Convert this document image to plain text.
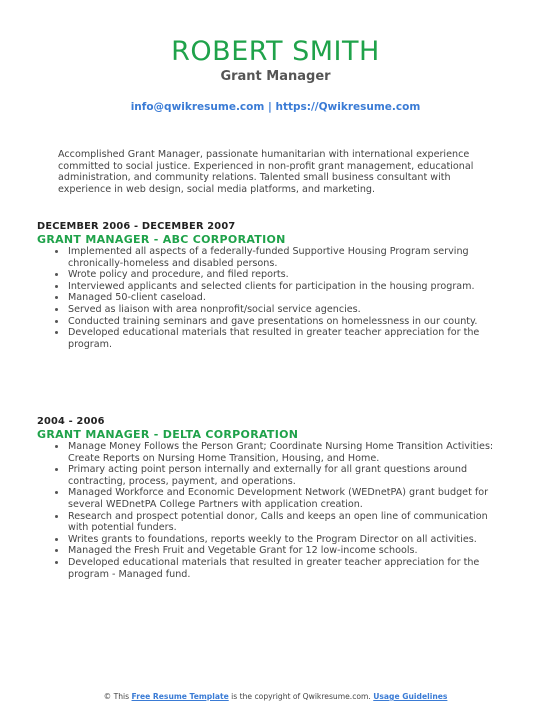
ROBERT SMITH
Grant Manager
info@qwikresume.com | https://Qwikresume.com
Accomplished Grant Manager, passionate humanitarian with international experience committed to social justice. Experienced in non-profit grant management, educational administration, and community relations. Talented small business consultant with experience in web design, social media platforms, and marketing.
DECEMBER 2006 - DECEMBER 2007
GRANT MANAGER - ABC CORPORATION
Implemented all aspects of a federally-funded Supportive Housing Program serving chronically-homeless and disabled persons.
Wrote policy and procedure, and filed reports.
Interviewed applicants and selected clients for participation in the housing program.
Managed 50-client caseload.
Served as liaison with area nonprofit/social service agencies.
Conducted training seminars and gave presentations on homelessness in our county.
Developed educational materials that resulted in greater teacher appreciation for the program.
2004 - 2006
GRANT MANAGER - DELTA CORPORATION
Manage Money Follows the Person Grant; Coordinate Nursing Home Transition Activities: Create Reports on Nursing Home Transition, Housing, and Home.
Primary acting point person internally and externally for all grant questions around contracting, process, payment, and operations.
Managed Workforce and Economic Development Network (WEDnetPA) grant budget for several WEDnetPA College Partners with application creation.
Research and prospect potential donor, Calls and keeps an open line of communication with potential funders.
Writes grants to foundations, reports weekly to the Program Director on all activities.
Managed the Fresh Fruit and Vegetable Grant for 12 low-income schools.
Developed educational materials that resulted in greater teacher appreciation for the program - Managed fund.
© This Free Resume Template is the copyright of Qwikresume.com. Usage Guidelines
